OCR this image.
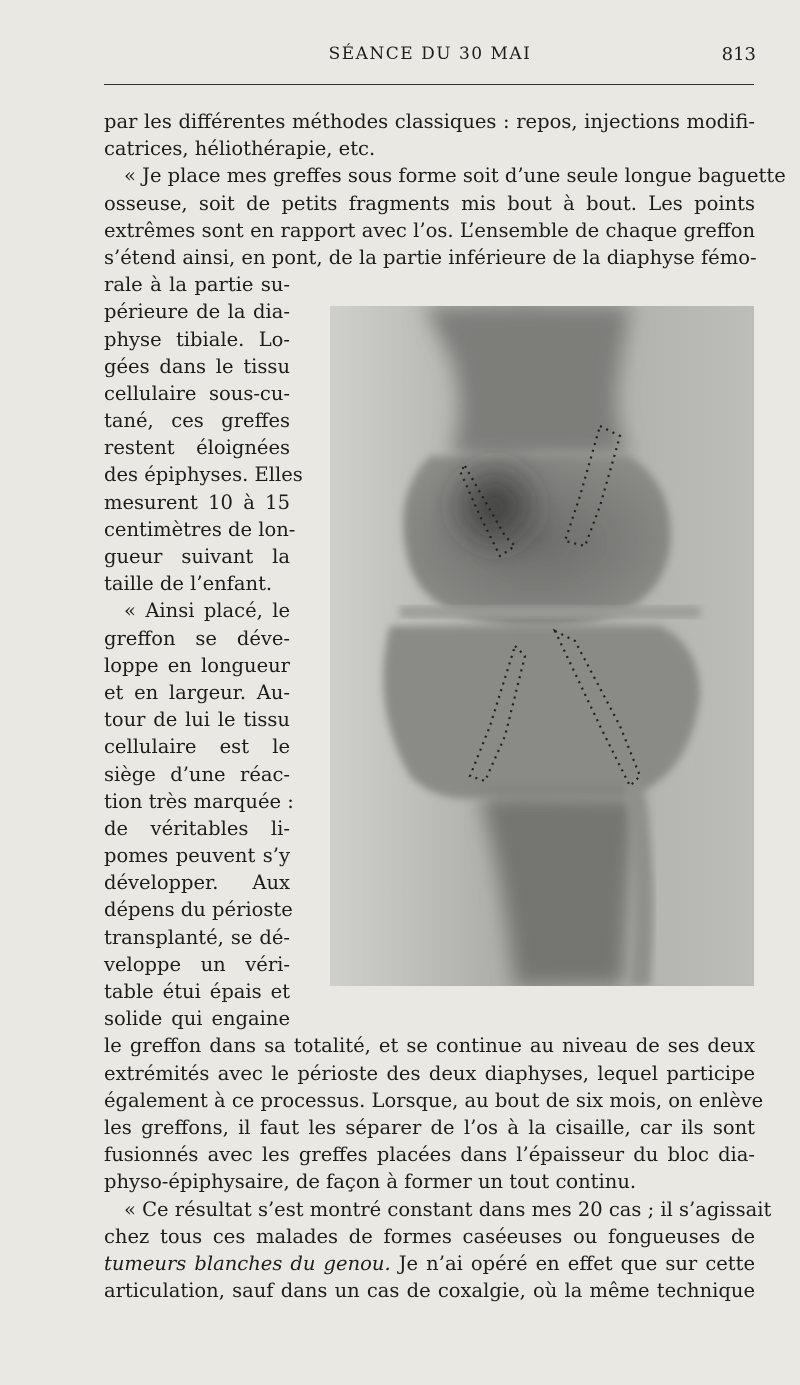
SÉANCE DU 30 MAI	813
par les différentes méthodes classiques : repos, injections modifi-
catrices, héliothérapie, etc.
« Je place mes greffes sous forme soit d’une seule longue baguette
osseuse, soit de petits fragments mis bout à bout. Les points
extrêmes sont en rapport avec l’os. L’ensemble de chaque greffon
s’étend ainsi, en pont, de la partie inférieure de la diaphyse fémo-
rale à la partie su-
périeure de la dia-
physe tibiale. Lo-
gées dans le tissu
cellulaire sous-cu-
tané, ces greffes
restent éloignées
des épiphyses. Elles
mesurent 10 à 15
centimètres de lon-
gueur suivant la
taille de l’enfant.
« Ainsi placé, le
greffon se déve-
loppe en longueur
et en largeur. Au-
tour de lui le tissu
cellulaire est le
siège d’une réac-
tion très marquée :
de véritables li-
pomes peuvent s’y
développer. Aux
dépens du périoste
transplanté, se dé-
veloppe un véri-
table étui épais et
solide qui engaine
le greffon dans sa totalité, et se continue au niveau de ses deux
extrémités avec le périoste des deux diaphyses, lequel participe
également à ce processus. Lorsque, au bout de six mois, on enlève
les greffons, il faut les séparer de l’os à la cisaille, car ils sont
fusionnés avec les greffes placées dans l’épaisseur du bloc dia-
physo-épiphysaire, de façon à former un tout continu.
« Ce résultat s’est montré constant dans mes 20 cas ; il s’agissait
chez tous ces malades de formes caséeuses ou fongueuses de
tumeurs blanches du genou. Je n’ai opéré en effet que sur cette
articulation, sauf dans un cas de coxalgie, où la même technique
